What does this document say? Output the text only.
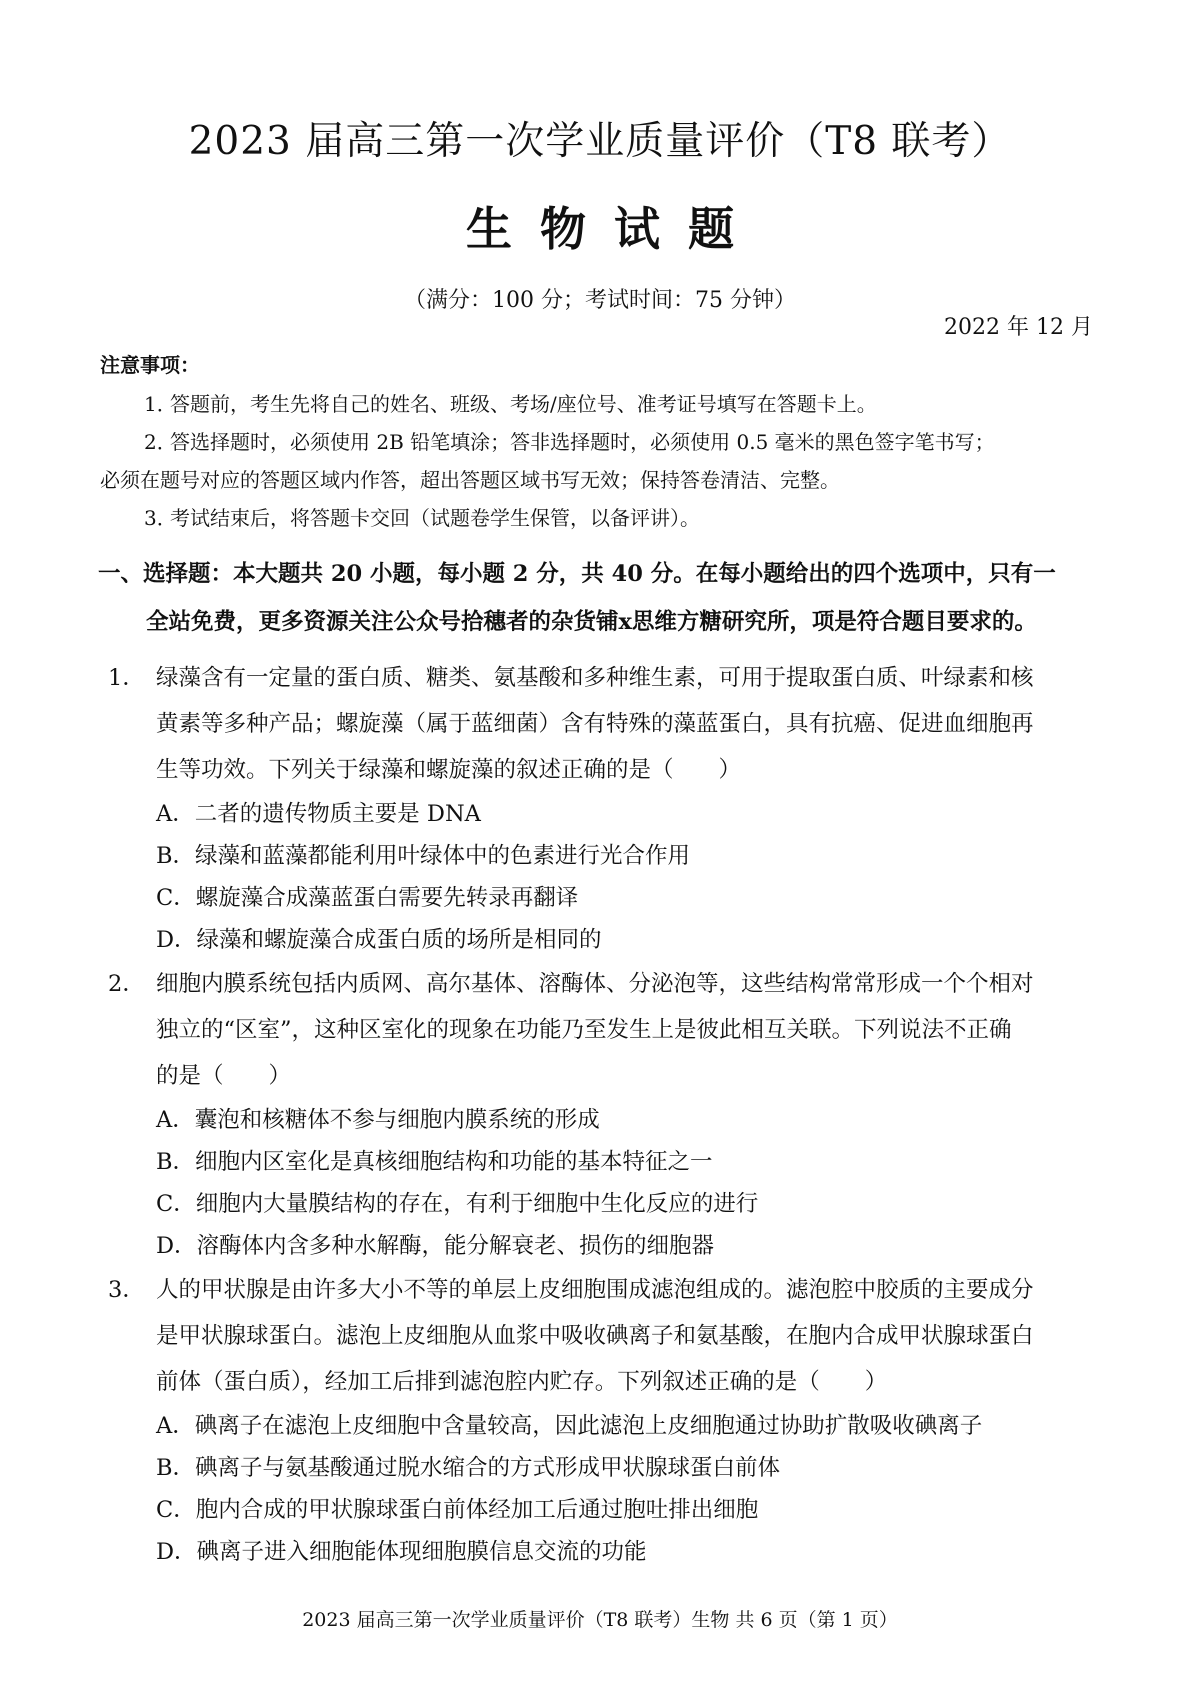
2023 届高三第一次学业质量评价（T8 联考）
生物试题
（满分：100 分；考试时间：75 分钟）
2022 年 12 月
注意事项：
1．答题前，考生先将自己的姓名、班级、考场/座位号、准考证号填写在答题卡上。
2．答选择题时，必须使用 2B 铅笔填涂；答非选择题时，必须使用 0.5 毫米的黑色签字笔书写；
必须在题号对应的答题区域内作答，超出答题区域书写无效；保持答卷清洁、完整。
3．考试结束后，将答题卡交回（试题卷学生保管，以备评讲）。
一、选择题：本大题共 20 小题，每小题 2 分，共 40 分。在每小题给出的四个选项中，只有一
全站免费，更多资源关注公众号拾穗者的杂货铺x思维方糖研究所，项是符合题目要求的。
1． 绿藻含有一定量的蛋白质、糖类、氨基酸和多种维生素，可用于提取蛋白质、叶绿素和核
黄素等多种产品；螺旋藻（属于蓝细菌）含有特殊的藻蓝蛋白，具有抗癌、促进血细胞再
生等功效。下列关于绿藻和螺旋藻的叙述正确的是（　　）
A．二者的遗传物质主要是 DNA
B．绿藻和蓝藻都能利用叶绿体中的色素进行光合作用
C．螺旋藻合成藻蓝蛋白需要先转录再翻译
D．绿藻和螺旋藻合成蛋白质的场所是相同的
2． 细胞内膜系统包括内质网、高尔基体、溶酶体、分泌泡等，这些结构常常形成一个个相对
独立的“区室”，这种区室化的现象在功能乃至发生上是彼此相互关联。下列说法不正确
的是（　　）
A．囊泡和核糖体不参与细胞内膜系统的形成
B．细胞内区室化是真核细胞结构和功能的基本特征之一
C．细胞内大量膜结构的存在，有利于细胞中生化反应的进行
D．溶酶体内含多种水解酶，能分解衰老、损伤的细胞器
3． 人的甲状腺是由许多大小不等的单层上皮细胞围成滤泡组成的。滤泡腔中胶质的主要成分
是甲状腺球蛋白。滤泡上皮细胞从血浆中吸收碘离子和氨基酸，在胞内合成甲状腺球蛋白
前体（蛋白质），经加工后排到滤泡腔内贮存。下列叙述正确的是（　　）
A．碘离子在滤泡上皮细胞中含量较高，因此滤泡上皮细胞通过协助扩散吸收碘离子
B．碘离子与氨基酸通过脱水缩合的方式形成甲状腺球蛋白前体
C．胞内合成的甲状腺球蛋白前体经加工后通过胞吐排出细胞
D．碘离子进入细胞能体现细胞膜信息交流的功能
2023 届高三第一次学业质量评价（T8 联考）生物 共 6 页（第 1 页）
